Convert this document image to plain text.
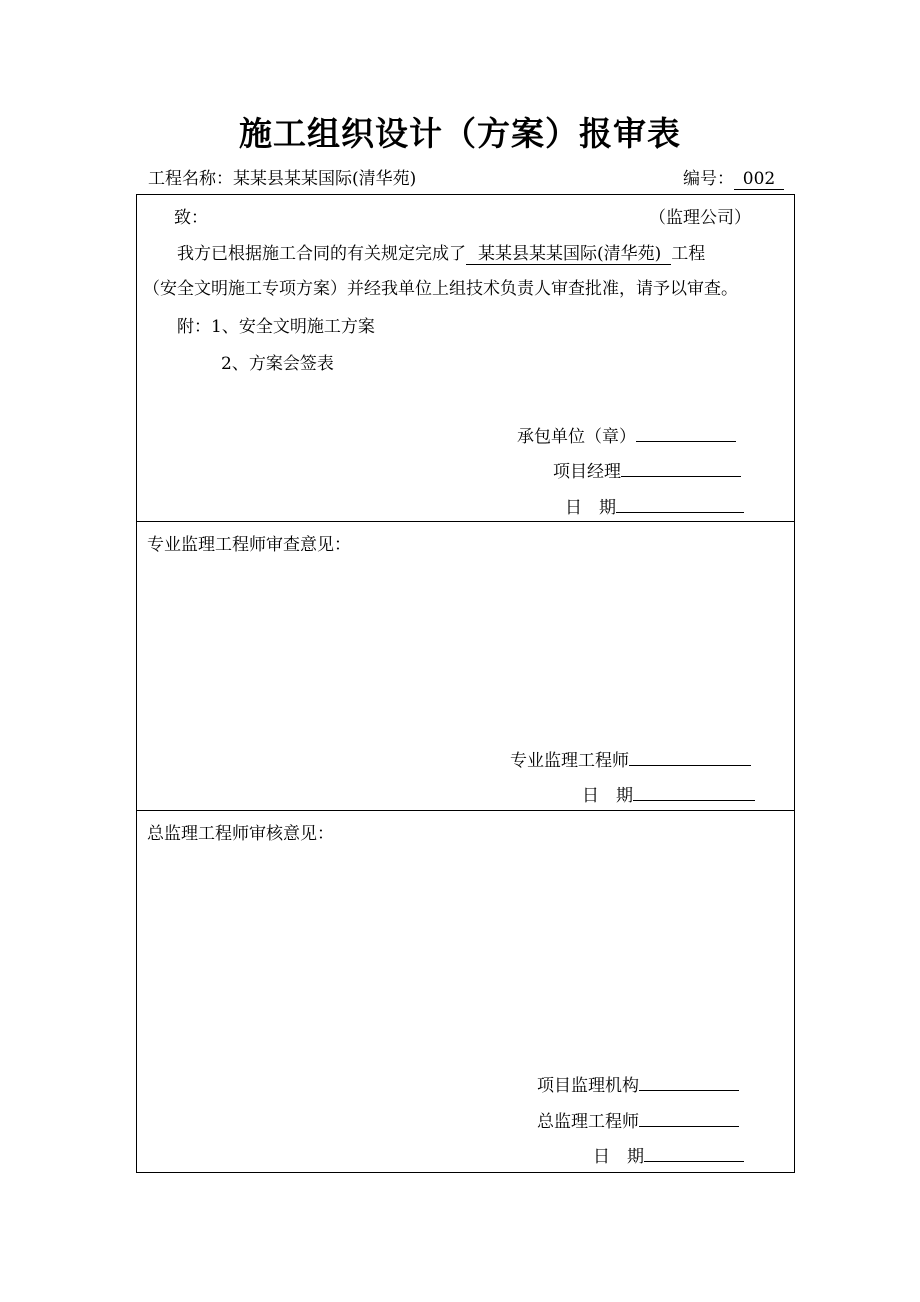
施工组织设计（方案）报审表
工程名称：某某县某某国际(清华苑)	编号： 002
致：	（监理公司）
我方已根据施工合同的有关规定完成了 某某县某某国际(清华苑) 工程
（安全文明施工专项方案）并经我单位上组技术负责人审查批准，请予以审查。
附：1、安全文明施工方案
2、方案会签表
承包单位（章）
项目经理
日　期
专业监理工程师审查意见：
专业监理工程师
日　期
总监理工程师审核意见：
项目监理机构
总监理工程师
日　期
